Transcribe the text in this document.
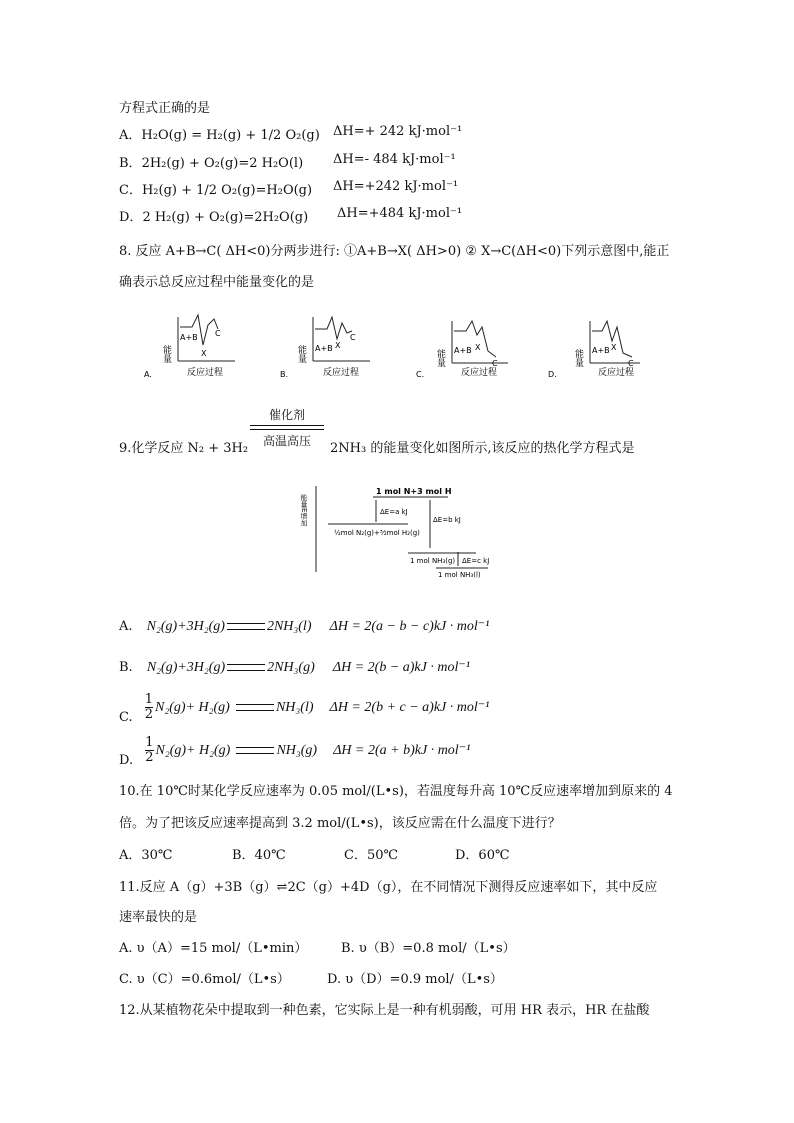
方程式正确的是
A．H₂O(g) = H₂(g) + 1/2 O₂(g) ΔH=+ 242 kJ·mol⁻¹
B．2H₂(g) + O₂(g)=2 H₂O(l) ΔH=- 484 kJ·mol⁻¹
C．H₂(g) + 1/2 O₂(g)=H₂O(g) ΔH=+242 kJ·mol⁻¹
D．2 H₂(g) + O₂(g)=2H₂O(g) ΔH=+484 kJ·mol⁻¹
8. 反应 A+B→C( ΔH<0)分两步进行: ①A+B→X( ΔH>0) ② X→C(ΔH<0)下列示意图中,能正
确表示总反应过程中能量变化的是
能量
A+B
X
C
A.	反应过程
能量 A+B X
C
B.	反应过程
能量 A+B X
C
C.	反应过程
能量 A+B X
C
D.	反应过程
9.化学反应 N₂ + 3H₂
催化剂
高温高压	2NH₃ 的能量变化如图所示,该反应的热化学方程式是
能量E增加
1 mol N+3 mol H
½mol N₂(g)+³⁄₂mol H₂(g)
ΔE=a kJ
ΔE=b kJ
1 mol NH₃(g) ΔE=c kJ
1 mol NH₃(l)
A. N₂(g)+3H₂(g)	2NH₃(l) ΔH = 2(a − b − c)kJ · mol⁻¹
B. N₂(g)+3H₂(g)	2NH₃(g) ΔH = 2(b − a)kJ · mol⁻¹
C. $\frac{1}{2} N_2(g)+ H_2(g)$	NH₃(l) ΔH = 2(b + c − a)kJ · mol⁻¹
D. $\frac{1}{2} N_2(g)+ H_2(g)$	NH₃(g) ΔH = 2(a + b)kJ · mol⁻¹
10.在 10℃时某化学反应速率为 0.05 mol/(L•s)，若温度每升高 10℃反应速率增加到原来的 4
倍。为了把该反应速率提高到 3.2 mol/(L•s)，该反应需在什么温度下进行？
A．30℃	B．40℃	C．50℃	D．60℃
11.反应 A（g）+3B（g）⇌2C（g）+4D（g），在不同情况下测得反应速率如下，其中反应
速率最快的是
A. υ（A）=15 mol/（L•min）	B. υ（B）=0.8 mol/（L•s）
C. υ（C）=0.6mol/（L•s）	D. υ（D）=0.9 mol/（L•s）
12.从某植物花朵中提取到一种色素，它实际上是一种有机弱酸，可用 HR 表示，HR 在盐酸
